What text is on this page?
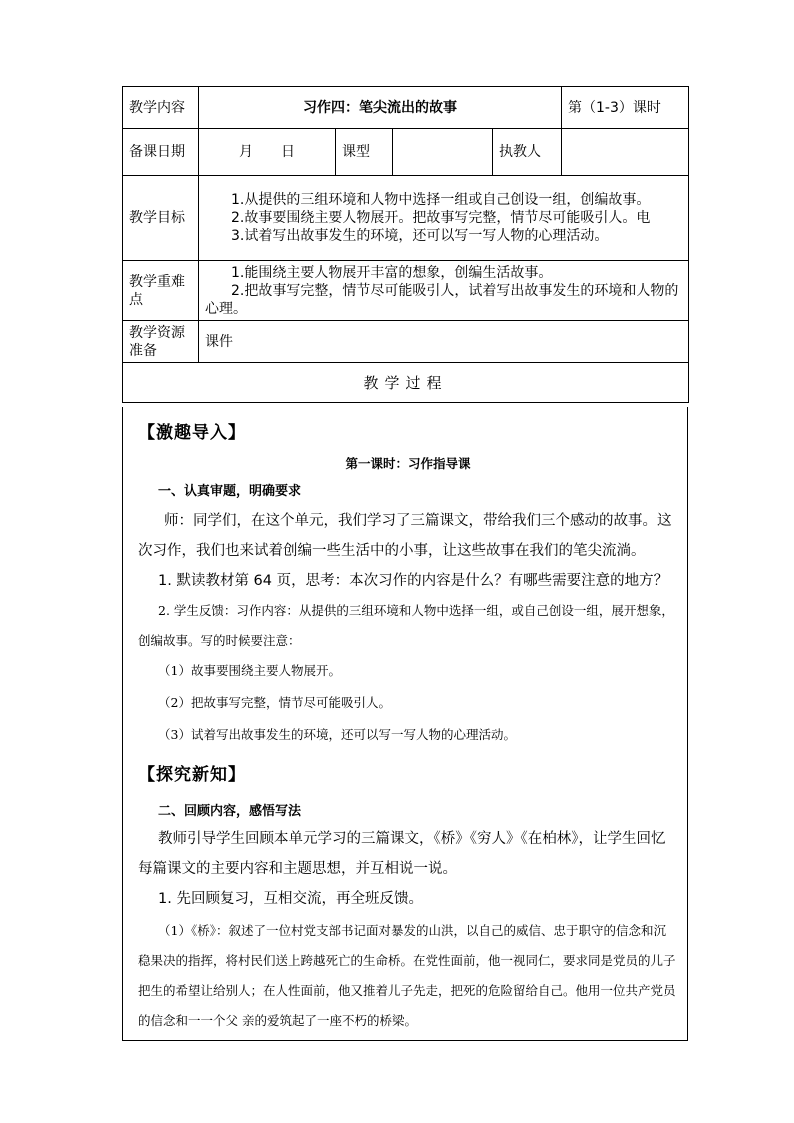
教学内容	习作四：笔尖流出的故事				第（1-3）课时
备课日期	月　　日	课型		执教人	
教学目标	1.从提供的三组环境和人物中选择一组或自己创设一组，创编故事。

2.故事要围绕主要人物展开。把故事写完整，情节尽可能吸引人。电

3.试着写出故事发生的环境，还可以写一写人物的心理活动。				

教学重难点	1.能围绕主要人物展开丰富的想象，创编生活故事。

2.把故事写完整，情节尽可能吸引人，试着写出故事发生的环境和人物的心理。				

教学资源准备	课件				
教学过程					
【激趣导入】
第一课时：习作指导课
一、认真审题，明确要求
师：同学们，在这个单元，我们学习了三篇课文，带给我们三个感动的故事。这次习作，我们也来试着创编一些生活中的小事，让这些故事在我们的笔尖流淌。
1. 默读教材第 64 页，思考：本次习作的内容是什么？有哪些需要注意的地方？
2. 学生反馈：习作内容：从提供的三组环境和人物中选择一组，或自己创设一组，展开想象，创编故事。写的时候要注意：
（1）故事要围绕主要人物展开。
（2）把故事写完整，情节尽可能吸引人。
（3）试着写出故事发生的环境，还可以写一写人物的心理活动。
【探究新知】
二、回顾内容，感悟写法
教师引导学生回顾本单元学习的三篇课文，《桥》《穷人》《在柏林》，让学生回忆每篇课文的主要内容和主题思想，并互相说一说。
1. 先回顾复习，互相交流，再全班反馈。
（1）《桥》：叙述了一位村党支部书记面对暴发的山洪，以自己的威信、忠于职守的信念和沉稳果决的指挥，将村民们送上跨越死亡的生命桥。在党性面前，他一视同仁，要求同是党员的儿子把生的希望让给别人；在人性面前，他又推着儿子先走，把死的危险留给自己。他用一位共产党员的信念和一一个父 亲的爱筑起了一座不朽的桥梁。
